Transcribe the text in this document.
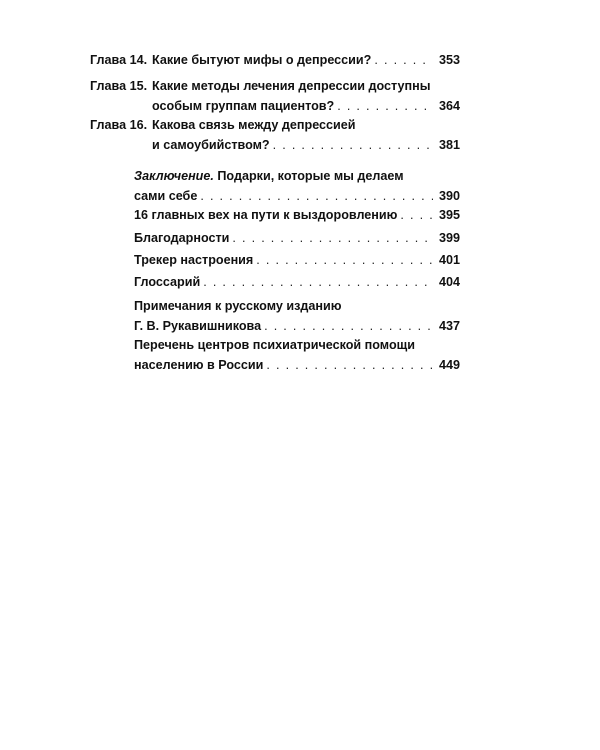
Глава 14. Какие бытуют мифы о депрессии? . . .	353
Глава 15. Какие методы лечения депрессии доступны
особым группам пациентов? . . .	364
Глава 16. Какова связь между депрессией
и самоубийством? . . .	381
Заключение. Подарки, которые мы делаем
сами себе . . .	390
16 главных вех на пути к выздоровлению . . .	395
Благодарности . . .	399
Трекер настроения . . .	401
Глоссарий . . .	404
Примечания к русскому изданию
Г. В. Рукавишникова . . .	437
Перечень центров психиатрической помощи
населению в России . . .	449
